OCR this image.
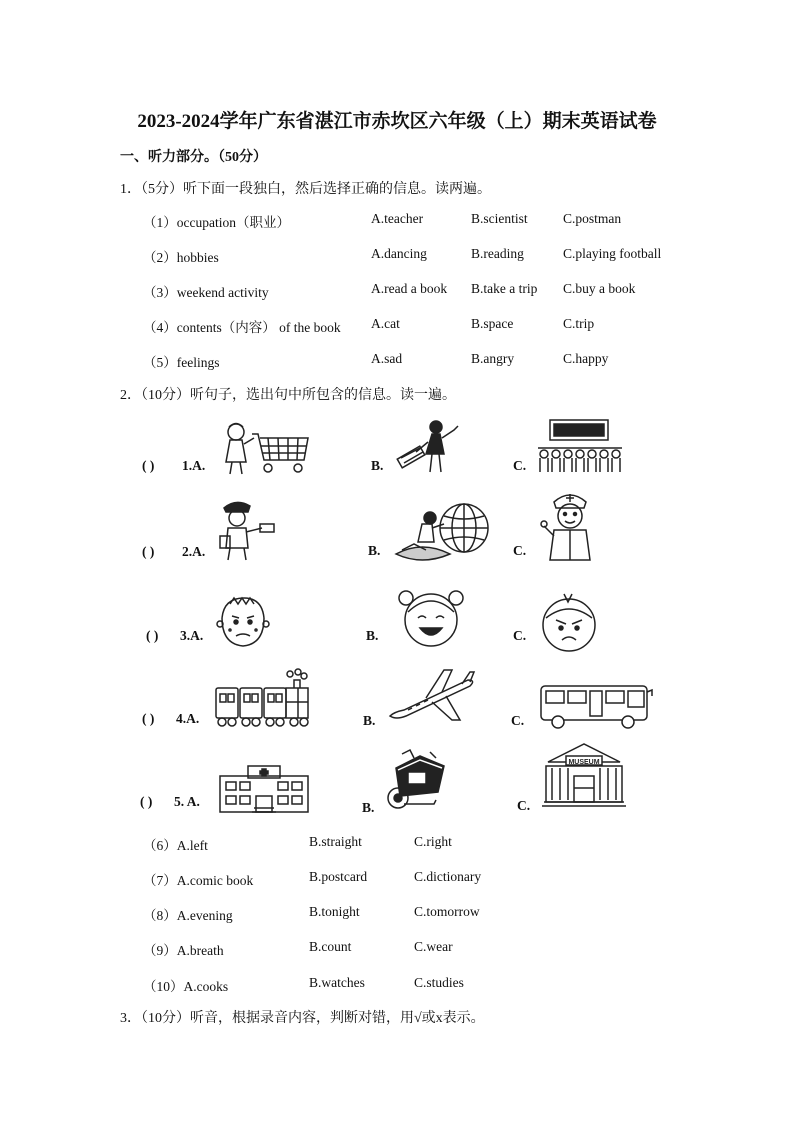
2023-2024学年广东省湛江市赤坎区六年级（上）期末英语试卷
一、听力部分。（50分）
1．（5分）听下面一段独白，然后选择正确的信息。读两遍。
（1）occupation（职业）	A.teacher	B.scientist	C.postman
（2）hobbies	A.dancing	B.reading	C.playing football
（3）weekend activity	A.read a book B.take a trip C.buy a book
（4）contents（内容） of the book A.cat	B.space	C.trip
（5）feelings	A.sad	B.angry	C.happy
2．（10分）听句子，选出句中所包含的信息。读一遍。
( ) 1.A.	B.	C.
( ) 2.A.	B.	C.
( ) 3.A.	B.	C.
( ) 4.A.	B.	C.
( ) 5. A.	B.	C.
MUSEUM
（6）A.left	B.straight	C.right
（7）A.comic book	B.postcard	C.dictionary
（8）A.evening	B.tonight	C.tomorrow
（9）A.breath	B.count	C.wear
（10）A.cooks	B.watches	C.studies
3．（10分）听音，根据录音内容，判断对错，用√或x表示。
